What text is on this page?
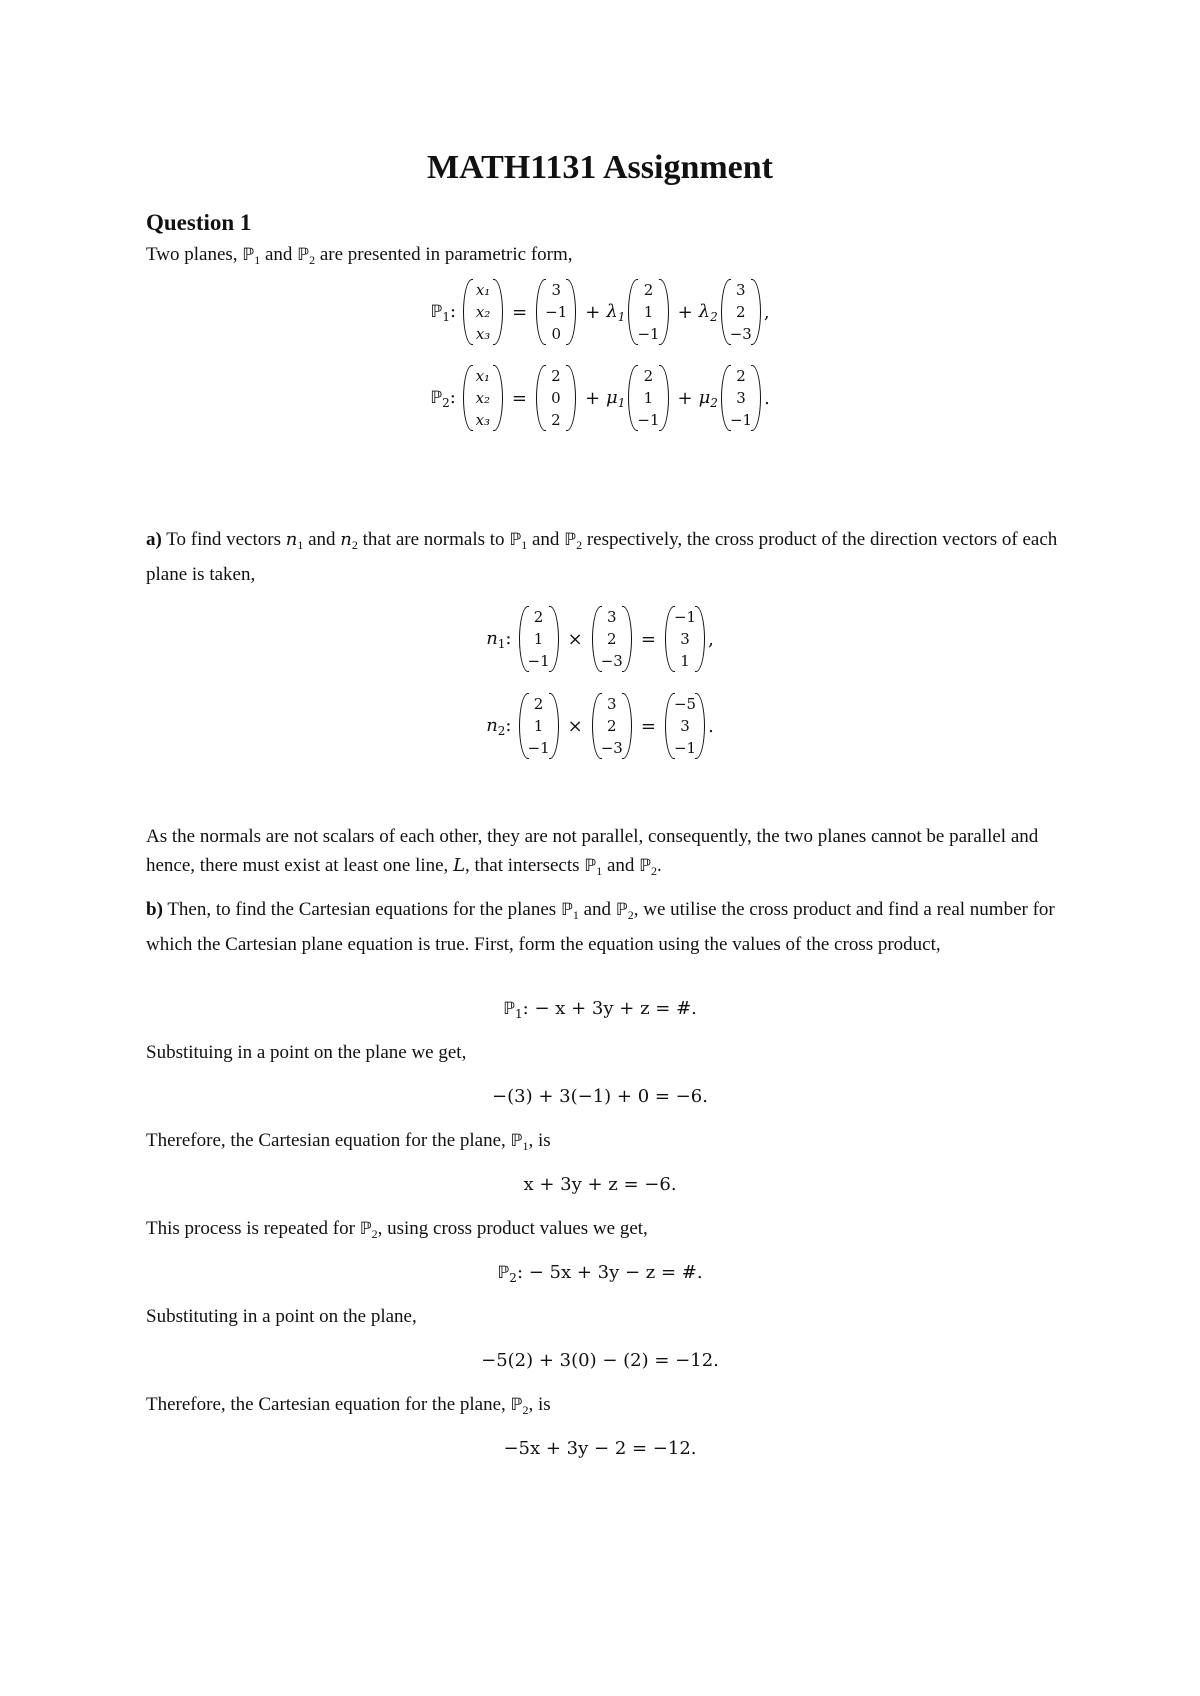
MATH1131 Assignment
Question 1
Two planes, ℙ$_1$ and ℙ$_2$ are presented in parametric form,
ℙ$_1$:
x₁
x₂
x₃
=
3
−1
0
+ $\lambda_1$
2
1
−1
+ $\lambda_2$
3
2
−3
,
ℙ$_2$:
x₁
x₂
x₃
=
2
0
2
+ $\mu_1$
2
1
−1
+ $\mu_2$
2
3
−1
.
a) To find vectors $n_1$ and $n_2$ that are normals to ℙ$_1$ and ℙ$_2$ respectively, the cross product of the direction vectors of each plane is taken,
$n_1$:
2
1
−1
×
3
2
−3
=
−1
3
1
,
$n_2$:
2
1
−1
×
3
2
−3
=
−5
3
−1
.
As the normals are not scalars of each other, they are not parallel, consequently, the two planes cannot be parallel and hence, there must exist at least one line, L, that intersects ℙ$_1$ and ℙ$_2$.
b) Then, to find the Cartesian equations for the planes ℙ$_1$ and ℙ$_2$, we utilise the cross product and find a real number for which the Cartesian plane equation is true. First, form the equation using the values of the cross product,
ℙ$_1$: − x + 3y + z = #.
Substituing in a point on the plane we get,
−(3) + 3(−1) + 0 = −6.
Therefore, the Cartesian equation for the plane, ℙ$_1$, is
x + 3y + z = −6.
This process is repeated for ℙ$_2$, using cross product values we get,
ℙ$_2$: − 5x + 3y − z = #.
Substituting in a point on the plane,
−5(2) + 3(0) − (2) = −12.
Therefore, the Cartesian equation for the plane, ℙ$_2$, is
−5x + 3y − 2 = −12.
